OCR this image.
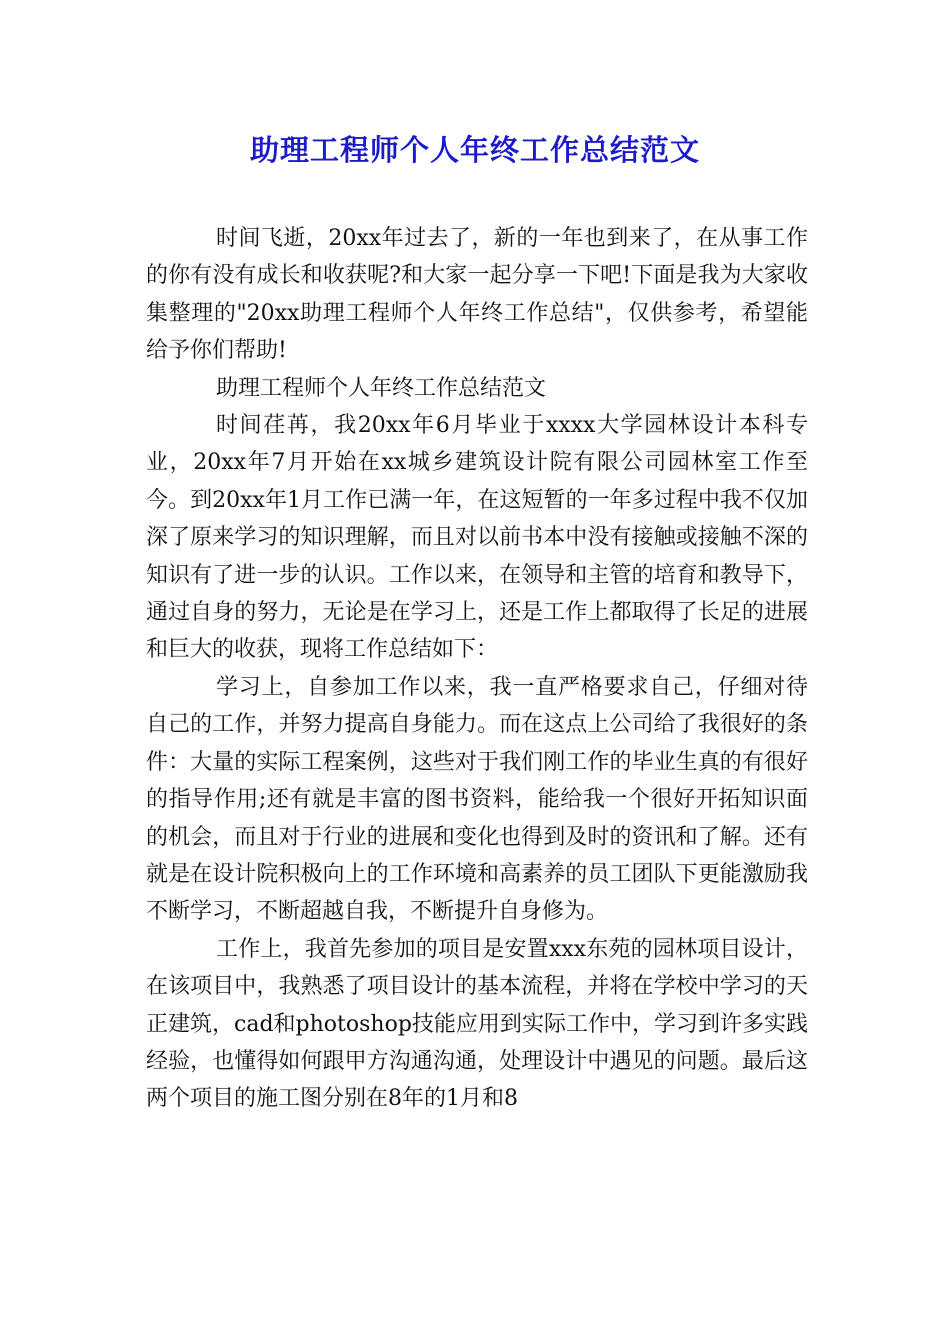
助理工程师个人年终工作总结范文

时间飞逝，20xx年过去了，新的一年也到来了，在从事工作的你有没有成长和收获呢?和大家一起分享一下吧!下面是我为大家收集整理的"20xx助理工程师个人年终工作总结"，仅供参考，希望能给予你们帮助!

助理工程师个人年终工作总结范文

时间荏苒，我20xx年6月毕业于xxxx大学园林设计本科专业，20xx年7月开始在xx城乡建筑设计院有限公司园林室工作至今。到20xx年1月工作已满一年，在这短暂的一年多过程中我不仅加深了原来学习的知识理解，而且对以前书本中没有接触或接触不深的知识有了进一步的认识。工作以来，在领导和主管的培育和教导下，通过自身的努力，无论是在学习上，还是工作上都取得了长足的进展和巨大的收获，现将工作总结如下：

学习上，自参加工作以来，我一直严格要求自己，仔细对待自己的工作，并努力提高自身能力。而在这点上公司给了我很好的条件：大量的实际工程案例，这些对于我们刚工作的毕业生真的有很好的指导作用;还有就是丰富的图书资料，能给我一个很好开拓知识面的机会，而且对于行业的进展和变化也得到及时的资讯和了解。还有就是在设计院积极向上的工作环境和高素养的员工团队下更能激励我不断学习，不断超越自我，不断提升自身修为。

工作上，我首先参加的项目是安置xxx东苑的园林项目设计，在该项目中，我熟悉了项目设计的基本流程，并将在学校中学习的天正建筑，cad和photoshop技能应用到实际工作中，学习到许多实践经验，也懂得如何跟甲方沟通沟通，处理设计中遇见的问题。最后这两个项目的施工图分别在8年的1月和8
